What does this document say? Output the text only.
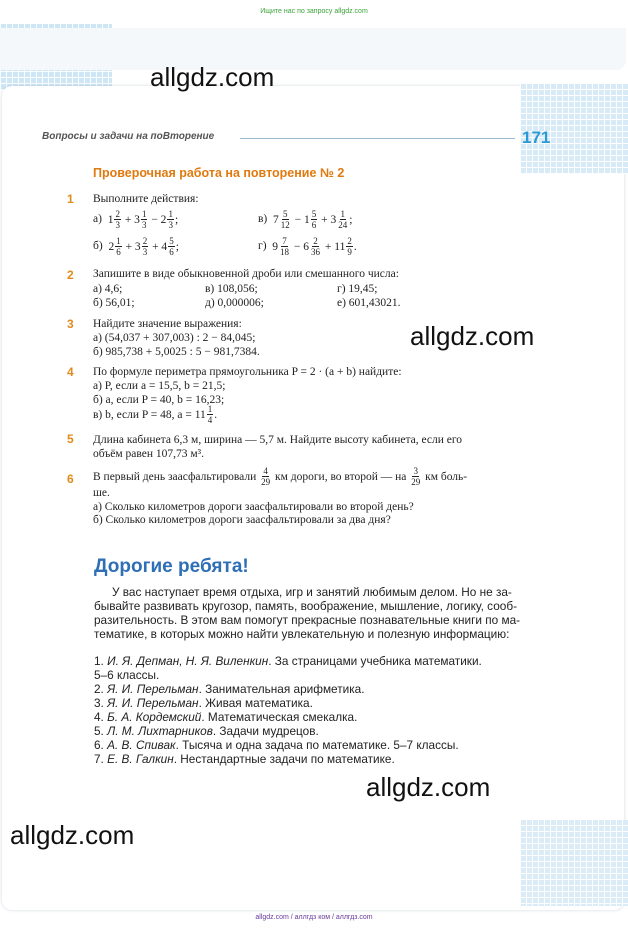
Ищите нас по запросу allgdz.com
allgdz.com
Вопросы и задачи на поВторение	171
Проверочная работа на повторение № 2
1 Выполните действия:
а)  $1 \frac{2}{3} + 3 \frac{1}{3} - 2 \frac{1}{3}$ ;	в)  $7 \frac{5}{12} - 1 \frac{5}{6} + 3 \frac{1}{24}$ ;
б)  $2 \frac{1}{6} + 3 \frac{2}{3} + 4 \frac{5}{6}$ ;	г)  $9 \frac{7}{18} - 6 \frac{2}{36} + 11 \frac{2}{9}$ .
2 Запишите в виде обыкновенной дроби или смешанного числа:
а) 4,6;	в) 108,056;	г) 19,45;
б) 56,01;	д) 0,000006;	е) 601,43021.
3 Найдите значение выражения:
а) (54,037 + 307,003) : 2 − 84,045;
б) 985,738 + 5,0025 : 5 − 981,7384.
allgdz.com
4 По формуле периметра прямоугольника P = 2 · (a + b) найдите:
а) P, если a = 15,5, b = 21,5;
б) a, если P = 40, b = 16,23;
в) b, если P = 48, $a = 11 \frac{1}{4}$ .
5 Длина кабинета 6,3 м, ширина — 5,7 м. Найдите высоту кабинета, если его
объём равен 107,73 м³.
6 В первый день заасфальтировали
$\frac{4}{29}$
км дороги, во второй — на
$\frac{3}{29}$
км боль-
ше.
а) Сколько километров дороги заасфальтировали во второй день?
б) Сколько километров дороги заасфальтировали за два дня?
Дорогие ребята!
У вас наступает время отдыха, игр и занятий любимым делом. Но не за-
бывайте развивать кругозор, память, воображение, мышление, логику, сооб-
разительность. В этом вам помогут прекрасные познавательные книги по ма-
тематике, в которых можно найти увлекательную и полезную информацию:
1. И. Я. Депман, Н. Я. Виленкин. За страницами учебника математики.
5–6 классы.
2. Я. И. Перельман. Занимательная арифметика.
3. Я. И. Перельман. Живая математика.
4. Б. А. Кордемский. Математическая смекалка.
5. Л. М. Лихтарников. Задачи мудрецов.
6. А. В. Спивак. Тысяча и одна задача по математике. 5–7 классы.
7. Е. В. Галкин. Нестандартные задачи по математике.
allgdz.com
allgdz.com
allgdz.com / аллгдз ком / аллгдз.com
